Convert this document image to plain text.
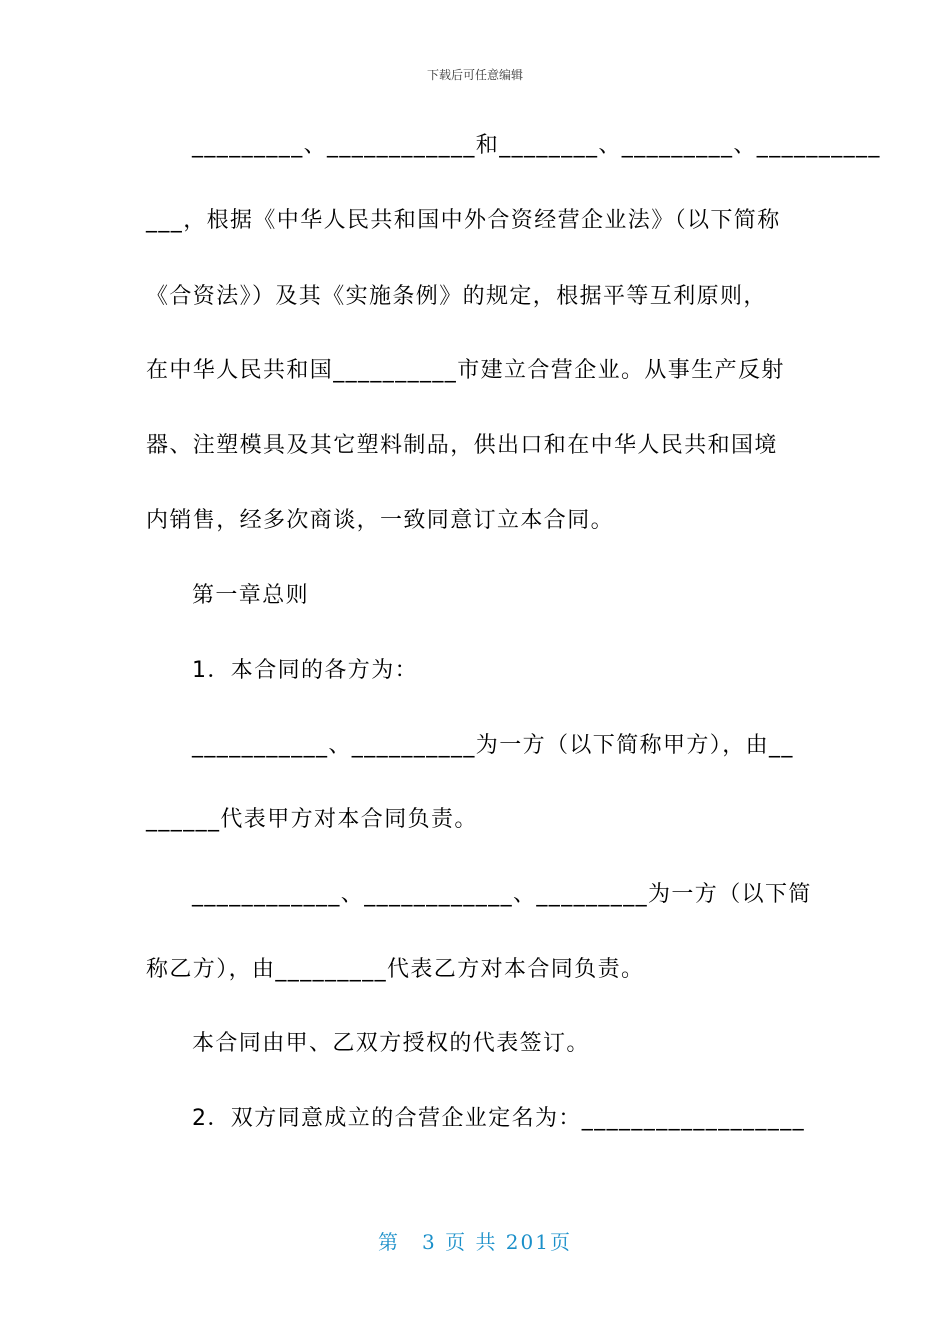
下载后可任意编辑
_________、____________和________、_________、__________
___，根据《中华人民共和国中外合资经营企业法》（以下简称
《合资法》）及其《实施条例》的规定，根据平等互利原则，
在中华人民共和国__________市建立合营企业。从事生产反射
器、注塑模具及其它塑料制品，供出口和在中华人民共和国境
内销售，经多次商谈，一致同意订立本合同。
第一章总则
1．本合同的各方为：
___________、__________为一方（以下简称甲方），由__
______代表甲方对本合同负责。
____________、____________、_________为一方（以下简
称乙方），由_________代表乙方对本合同负责。
本合同由甲、乙双方授权的代表签订。
2．双方同意成立的合营企业定名为：__________________
第　3 页 共 201页
